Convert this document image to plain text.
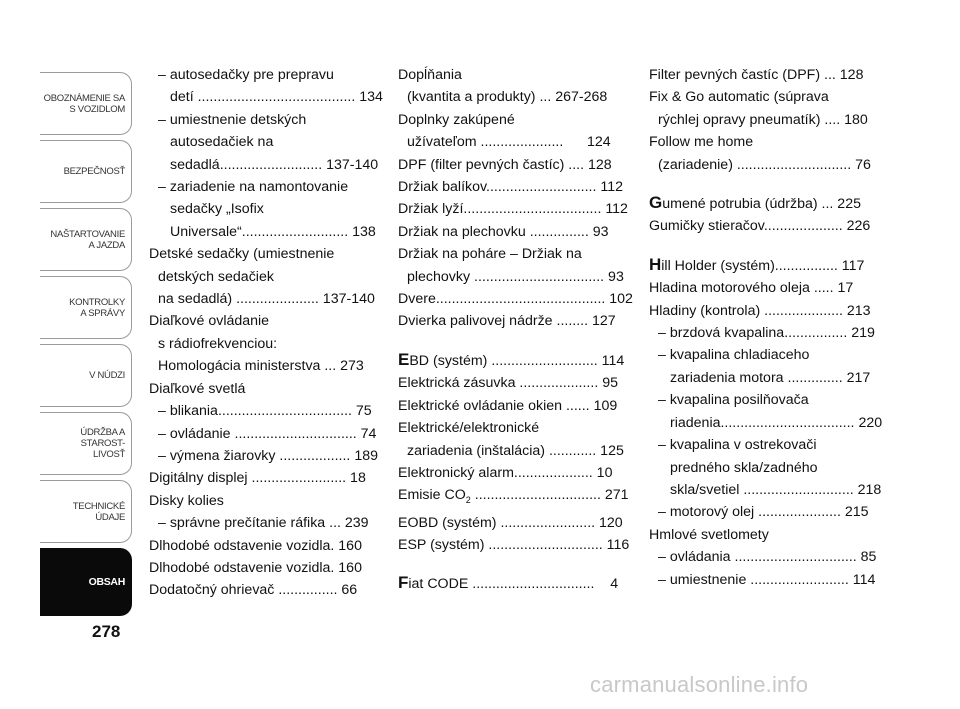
OBOZNÁMENIE SA
S VOZIDLOM
BEZPEČNOSŤ
NAŠTARTOVANIE
A JAZDA
KONTROLKY
A SPRÁVY
V NÚDZI
ÚDRŽBA A STAROST-
LIVOSŤ
TECHNICKÉ
ÚDAJE
OBSAH
278
– autosedačky pre prepravu
detí ........................................ 134
– umiestnenie detských
autosedačiek na
sedadlá.......................... 137-140
– zariadenie na namontovanie
sedačky „Isofix
Universale“........................... 138
Detské sedačky (umiestnenie
detských sedačiek
na sedadlá) ..................... 137-140
Diaľkové ovládanie
s rádiofrekvenciou:
Homologácia ministerstva ... 273
Diaľkové svetlá
– blikania.................................. 75
– ovládanie ............................... 74
– výmena žiarovky .................. 189
Digitálny displej ........................ 18
Disky kolies
– správne prečítanie ráfika ... 239
Dlhodobé odstavenie vozidla. 160
Dlhodobé odstavenie vozidla. 160
Dodatočný ohrievač ............... 66
Dopĺňania
(kvantita a produkty) ... 267-268
Doplnky zakúpené
užívateľom .....................      124
DPF (filter pevných častíc) .... 128
Držiak balíkov............................ 112
Držiak lyží................................... 112
Držiak na plechovku ............... 93
Držiak na poháre – Držiak na
plechovky ................................. 93
Dvere........................................... 102
Dvierka palivovej nádrže ........ 127
EBD (systém) ........................... 114
Elektrická zásuvka .................... 95
Elektrické ovládanie okien ...... 109
Elektrické/elektronické
zariadenia (inštalácia) ............ 125
Elektronický alarm.................... 10
Emisie $CO_2$ ................................ 271
EOBD (systém) ........................ 120
ESP (systém) ............................. 116
Fiat CODE ...............................    4
Filter pevných častíc (DPF) ... 128
Fix & Go automatic (súprava
rýchlej opravy pneumatík) .... 180
Follow me home
(zariadenie) ............................. 76
Gumené potrubia (údržba) ... 225
Gumičky stieračov.................... 226
Hill Holder (systém)................ 117
Hladina motorového oleja ..... 17
Hladiny (kontrola) .................... 213
– brzdová kvapalina................ 219
– kvapalina chladiaceho
zariadenia motora .............. 217
– kvapalina posilňovača
riadenia.................................. 220
– kvapalina v ostrekovači
predného skla/zadného
skla/svetiel ............................ 218
– motorový olej ..................... 215
Hmlové svetlomety
– ovládania ............................... 85
– umiestnenie ......................... 114
carmanualsonline.info
